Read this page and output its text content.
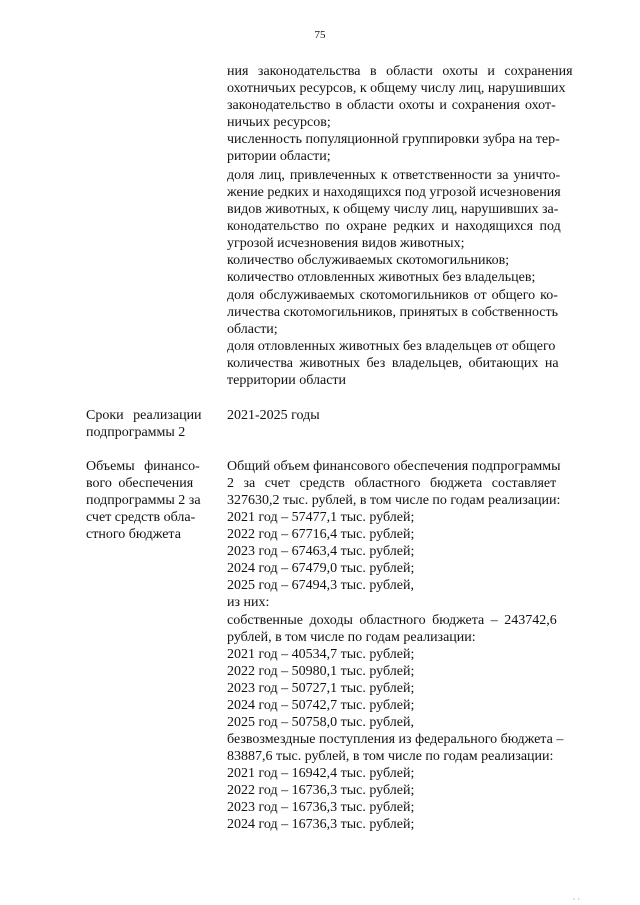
75
ния законодательства в области охоты и сохранения
охотничьих ресурсов, к общему числу лиц, нарушивших
законодательство в области охоты и сохранения охот-
ничьих ресурсов;
численность популяционной группировки зубра на тер-
ритории области;
доля лиц, привлеченных к ответственности за уничто-
жение редких и находящихся под угрозой исчезновения
видов животных, к общему числу лиц, нарушивших за-
конодательство по охране редких и находящихся под
угрозой исчезновения видов животных;
количество обслуживаемых скотомогильников;
количество отловленных животных без владельцев;
доля обслуживаемых скотомогильников от общего ко-
личества скотомогильников, принятых в собственность
области;
доля отловленных животных без владельцев от общего
количества животных без владельцев, обитающих на
территории области
Сроки реализации 2021-2025 годы
подпрограммы 2
Объемы финансо- Общий объем финансового обеспечения подпрограммы
вого обеспечения 2 за счет средств областного бюджета составляет
подпрограммы 2 за 327630,2 тыс. рублей, в том числе по годам реализации:
счет средств обла- 2021 год – 57477,1 тыс. рублей;
стного бюджета	2022 год – 67716,4 тыс. рублей;
2023 год – 67463,4 тыс. рублей;
2024 год – 67479,0 тыс. рублей;
2025 год – 67494,3 тыс. рублей,
из них:
собственные доходы областного бюджета – 243742,6
рублей, в том числе по годам реализации:
2021 год – 40534,7 тыс. рублей;
2022 год – 50980,1 тыс. рублей;
2023 год – 50727,1 тыс. рублей;
2024 год – 50742,7 тыс. рублей;
2025 год – 50758,0 тыс. рублей,
безвозмездные поступления из федерального бюджета –
83887,6 тыс. рублей, в том числе по годам реализации:
2021 год – 16942,4 тыс. рублей;
2022 год – 16736,3 тыс. рублей;
2023 год – 16736,3 тыс. рублей;
2024 год – 16736,3 тыс. рублей;
· ·
